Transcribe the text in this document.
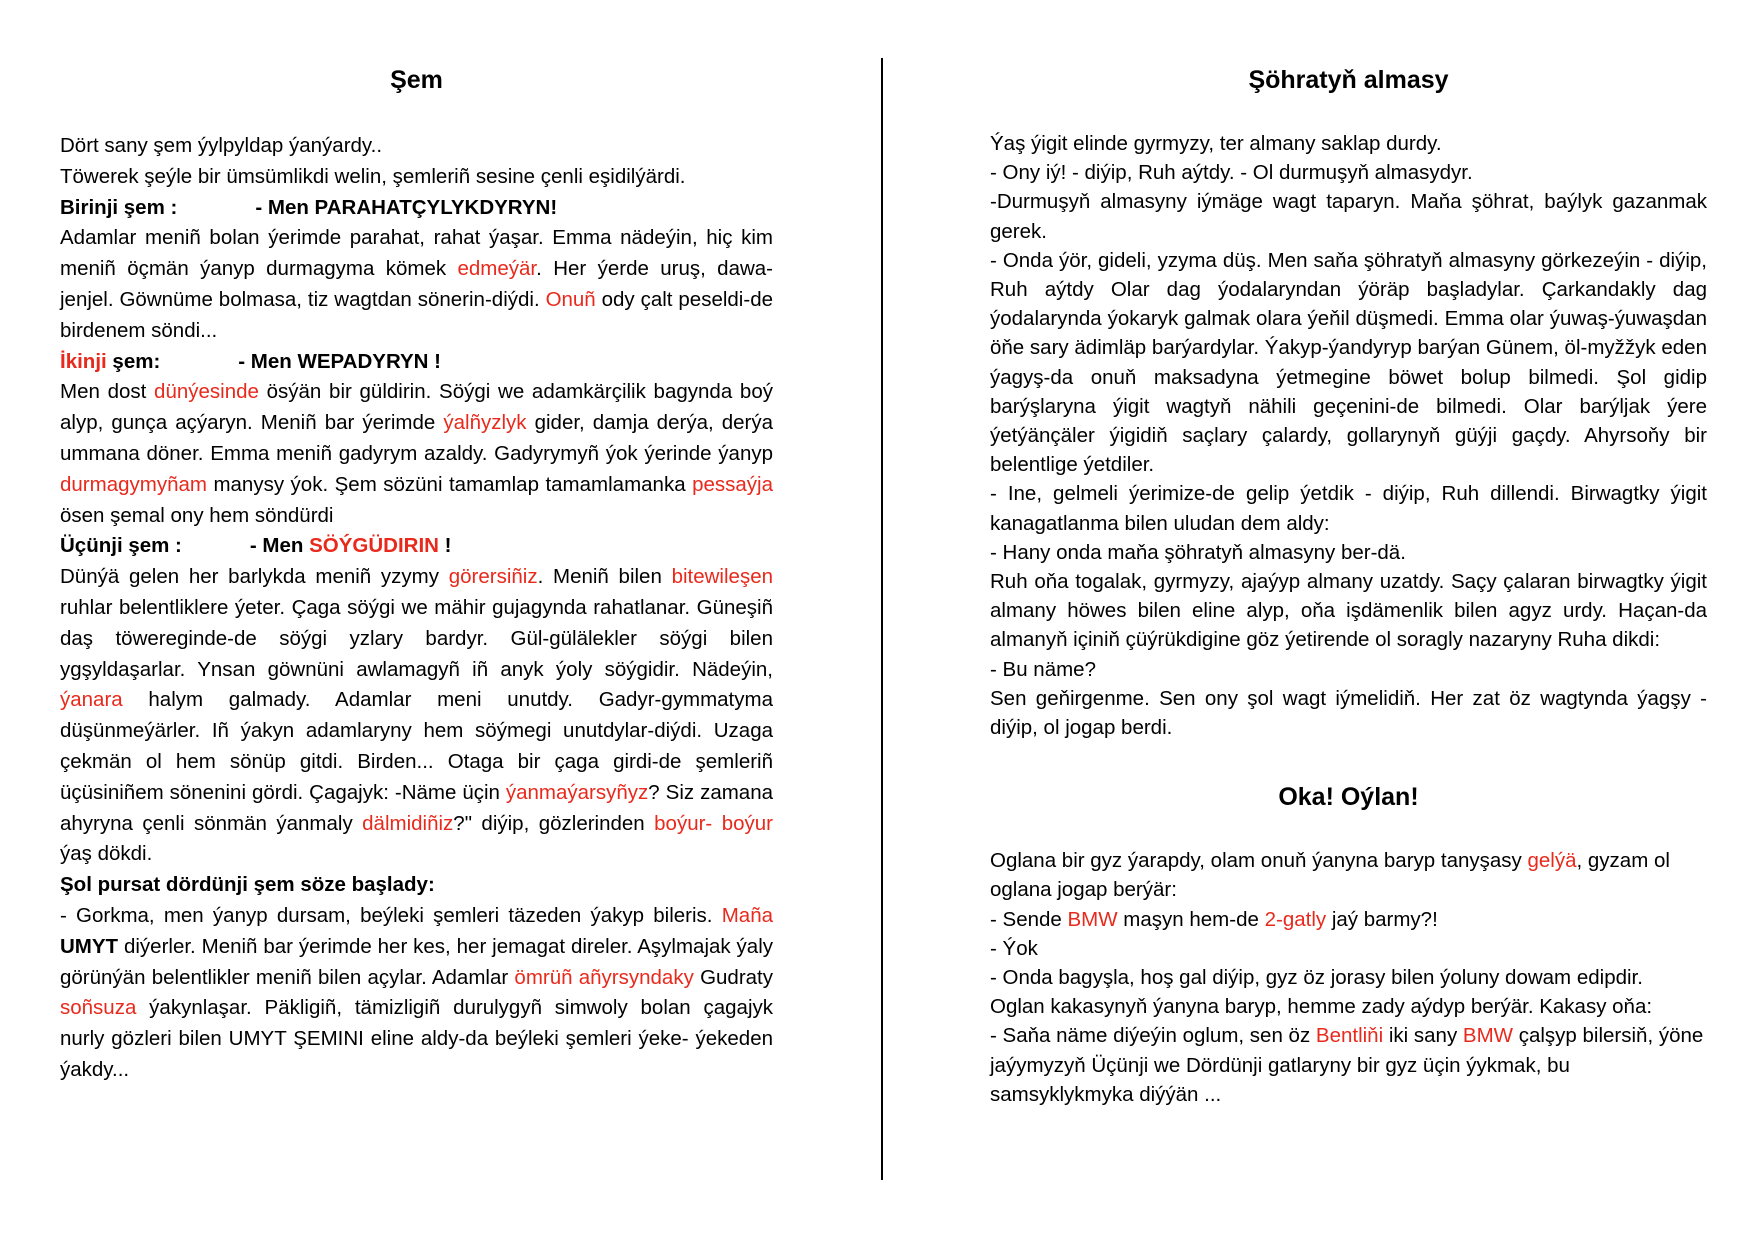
Şem

Dört sany şem ýylpyldap ýanýardy..

Töwerek şeýle bir ümsümlikdi welin, şemleriñ sesine çenli eşidilýärdi.

Birinji şem :	- Men PARAHATÇYLYKDYRYN!

Adamlar meniñ bolan ýerimde parahat, rahat ýaşar. Emma nädeýin, hiç kim meniñ öçmän ýanyp durmagyma kömek edmeýär. Her ýerde uruş, dawa-jenjel. Göwnüme bolmasa, tiz wagtdan sönerin-diýdi. Onuñ ody çalt peseldi-de birdenem söndi...

İkinji şem:	- Men WEPADYRYN !

Men dost dünýesinde ösýän bir güldirin. Söýgi we adamkärçilik bagynda boý alyp, gunça açýaryn. Meniñ bar ýerimde ýalñyzlyk gider, damja derýa, derýa ummana döner. Emma meniñ gadyrym azaldy. Gadyrymyñ ýok ýerinde ýanyp durmagymyñam manysy ýok. Şem sözüni tamamlap tamamlamanka pessaýja ösen şemal ony hem söndürdi

Üçünji şem :	- Men SÖÝGÜDIRIN !

Dünýä gelen her barlykda meniñ yzymy görersiñiz. Meniñ bilen bitewileşen ruhlar belentliklere ýeter. Çaga söýgi we mähir gujagynda rahatlanar. Güneşiñ daş töwereginde-de söýgi yzlary bardyr. Gül-gülälekler söýgi bilen ygşyldaşarlar. Ynsan göwnüni awlamagyñ iñ anyk ýoly söýgidir. Nädeýin, ýanara halym galmady. Adamlar meni unutdy. Gadyr-gymmatyma düşünmeýärler. Iñ ýakyn adamlaryny hem söýmegi unutdylar-diýdi. Uzaga çekmän ol hem sönüp gitdi. Birden... Otaga bir çaga girdi-de şemleriñ üçüsiniñem sönenini gördi. Çagajyk: -Näme üçin ýanmaýarsyñyz? Siz zamana ahyryna çenli sönmän ýanmaly dälmidiñiz?" diýip, gözlerinden boýur- boýur ýaş dökdi.

Şol pursat dördünji şem söze başlady:

- Gorkma, men ýanyp dursam, beýleki şemleri täzeden ýakyp bileris. Maña UMYT diýerler. Meniñ bar ýerimde her kes, her jemagat direler. Aşylmajak ýaly görünýän belentlikler meniñ bilen açylar. Adamlar ömrüñ añyrsyndaky Gudraty soñsuza ýakynlaşar. Päkligiñ, tämizligiñ durulygyñ simwoly bolan çagajyk nurly gözleri bilen UMYT ŞEMINI eline aldy-da beýleki şemleri ýeke- ýekeden ýakdy...

Şöhratyň almasy

Ýaş ýigit elinde gyrmyzy, ter almany saklap durdy.

- Ony iý! - diýip, Ruh aýtdy. - Ol durmuşyň almasydyr.

-Durmuşyň almasyny iýmäge wagt taparyn. Maňa şöhrat, baýlyk gazanmak gerek.

- Onda ýör, gideli, yzyma düş. Men saňa şöhratyň almasyny görkezeýin - diýip, Ruh aýtdy Olar dag ýodalaryndan ýöräp başladylar. Çarkandakly dag ýodalarynda ýokaryk galmak olara ýeňil düşmedi. Emma olar ýuwaş-ýuwaşdan öňe sary ädimläp barýardylar. Ýakyp-ýandyryp barýan Günem, öl-myžžyk eden ýagyş-da onuň maksadyna ýetmegine böwet bolup bilmedi. Şol gidip barýşlaryna ýigit wagtyň nähili geçenini-de bilmedi. Olar barýljak ýere ýetýänçäler ýigidiň saçlary çalardy, gollarynyň güýji gaçdy. Ahyrsoňy bir belentlige ýetdiler.

- Ine, gelmeli ýerimize-de gelip ýetdik - diýip, Ruh dillendi. Birwagtky ýigit kanagatlanma bilen uludan dem aldy:

- Hany onda maňa şöhratyň almasyny ber-dä.

Ruh oňa togalak, gyrmyzy, ajaýyp almany uzatdy. Saçy çalaran birwagtky ýigit almany höwes bilen eline alyp, oňa işdämenlik bilen agyz urdy. Haçan-da almanyň içiniň çüýrükdigine göz ýetirende ol soragly nazaryny Ruha dikdi:

- Bu näme?

Sen geňirgenme. Sen ony şol wagt iýmelidiň. Her zat öz wagtynda ýagşy - diýip, ol jogap berdi.

Oka! Oýlan!

Oglana bir gyz ýarapdy, olam onuň ýanyna baryp tanyşasy gelýä, gyzam ol oglana jogap berýär:

- Sende BMW maşyn hem-de 2-gatly jaý barmy?!

- Ýok

- Onda bagyşla, hoş gal diýip, gyz öz jorasy bilen ýoluny dowam edipdir.

Oglan kakasynyň ýanyna baryp, hemme zady aýdyp berýär. Kakasy oňa:

- Saňa näme diýeýin oglum, sen öz Bentliňi iki sany BMW çalşyp bilersiň, ýöne jaýymyzyň Üçünji we Dördünji gatlaryny bir gyz üçin ýykmak, bu samsyklykmyka diýýän ...
